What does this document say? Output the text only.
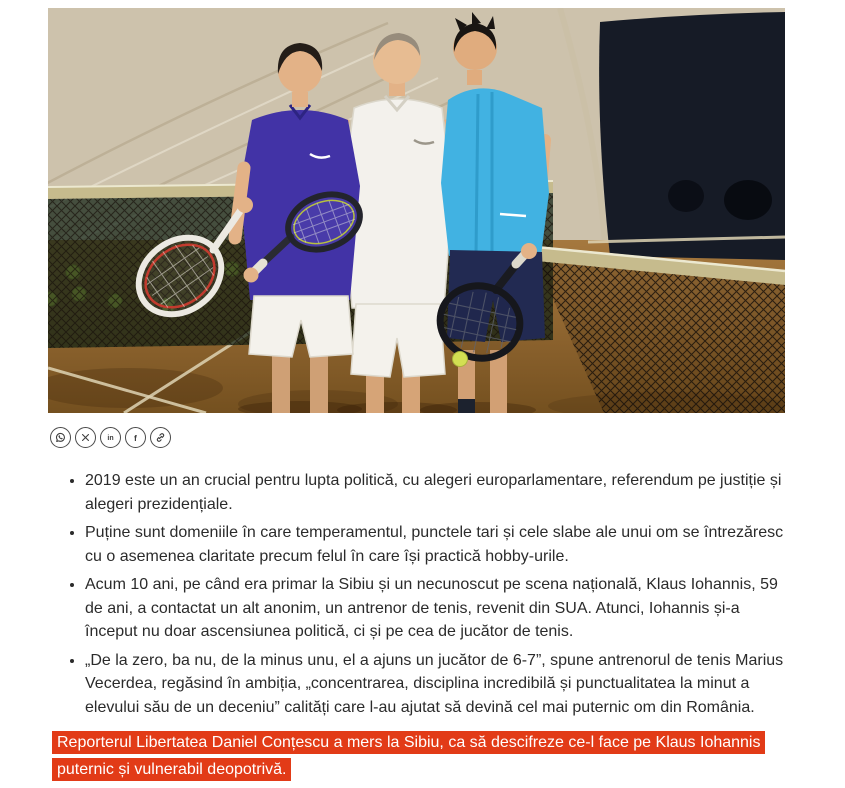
in f
• 2019 este un an crucial pentru lupta politică, cu alegeri europarlamentare, referendum pe justiție și alegeri prezidențiale.
• Puține sunt domeniile în care temperamentul, punctele tari și cele slabe ale unui om se întrezăresc cu o asemenea claritate precum felul în care își practică hobby-urile.
• Acum 10 ani, pe când era primar la Sibiu și un necunoscut pe scena națională, Klaus Iohannis, 59 de ani, a contactat un alt anonim, un antrenor de tenis, revenit din SUA. Atunci, Iohannis și-a început nu doar ascensiunea politică, ci și pe cea de jucător de tenis.
• „De la zero, ba nu, de la minus unu, el a ajuns un jucător de 6-7”, spune antrenorul de tenis Marius Vecerdea, regăsind în ambiția, „concentrarea, disciplina incredibilă și punctualitatea la minut a elevului său de un deceniu” calități care l-au ajutat să devină cel mai puternic om din România.

Reporterul Libertatea Daniel Conțescu a mers la Sibiu, ca să descifreze ce-l face pe Klaus Iohannis puternic și vulnerabil deopotrivă.
